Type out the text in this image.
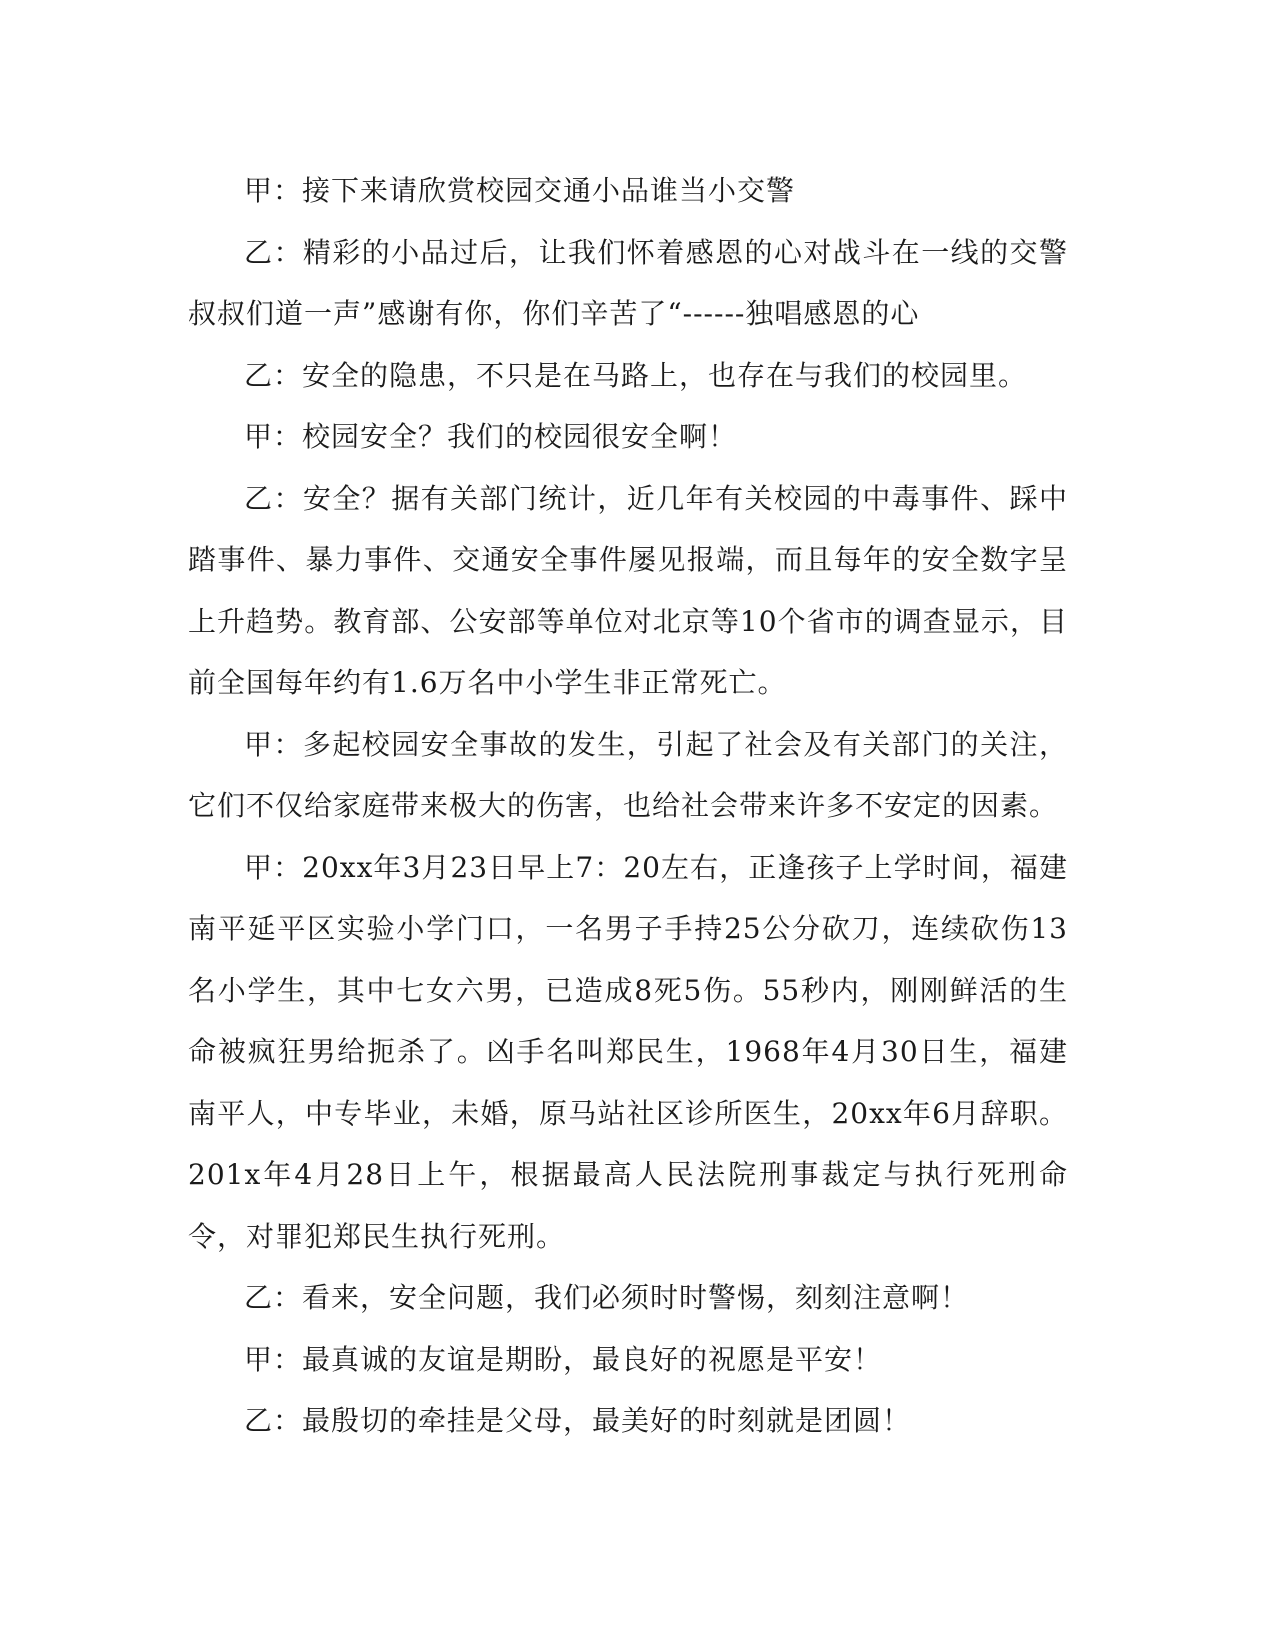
甲：接下来请欣赏校园交通小品谁当小交警

乙：精彩的小品过后，让我们怀着感恩的心对战斗在一线的交警叔叔们道一声”感谢有你，你们辛苦了“------独唱感恩的心

乙：安全的隐患，不只是在马路上，也存在与我们的校园里。

甲：校园安全？我们的校园很安全啊！

乙：安全？据有关部门统计，近几年有关校园的中毒事件、踩中踏事件、暴力事件、交通安全事件屡见报端，而且每年的安全数字呈上升趋势。教育部、公安部等单位对北京等10个省市的调查显示，目前全国每年约有1.6万名中小学生非正常死亡。

甲：多起校园安全事故的发生，引起了社会及有关部门的关注，它们不仅给家庭带来极大的伤害，也给社会带来许多不安定的因素。

甲：20xx年3月23日早上7：20左右，正逢孩子上学时间，福建南平延平区实验小学门口，一名男子手持25公分砍刀，连续砍伤13名小学生，其中七女六男，已造成8死5伤。55秒内，刚刚鲜活的生命被疯狂男给扼杀了。凶手名叫郑民生，1968年4月30日生，福建南平人，中专毕业，未婚，原马站社区诊所医生，20xx年6月辞职。201x年4月28日上午，根据最高人民法院刑事裁定与执行死刑命令，对罪犯郑民生执行死刑。

乙：看来，安全问题，我们必须时时警惕，刻刻注意啊！

甲：最真诚的友谊是期盼，最良好的祝愿是平安！

乙：最殷切的牵挂是父母，最美好的时刻就是团圆！
